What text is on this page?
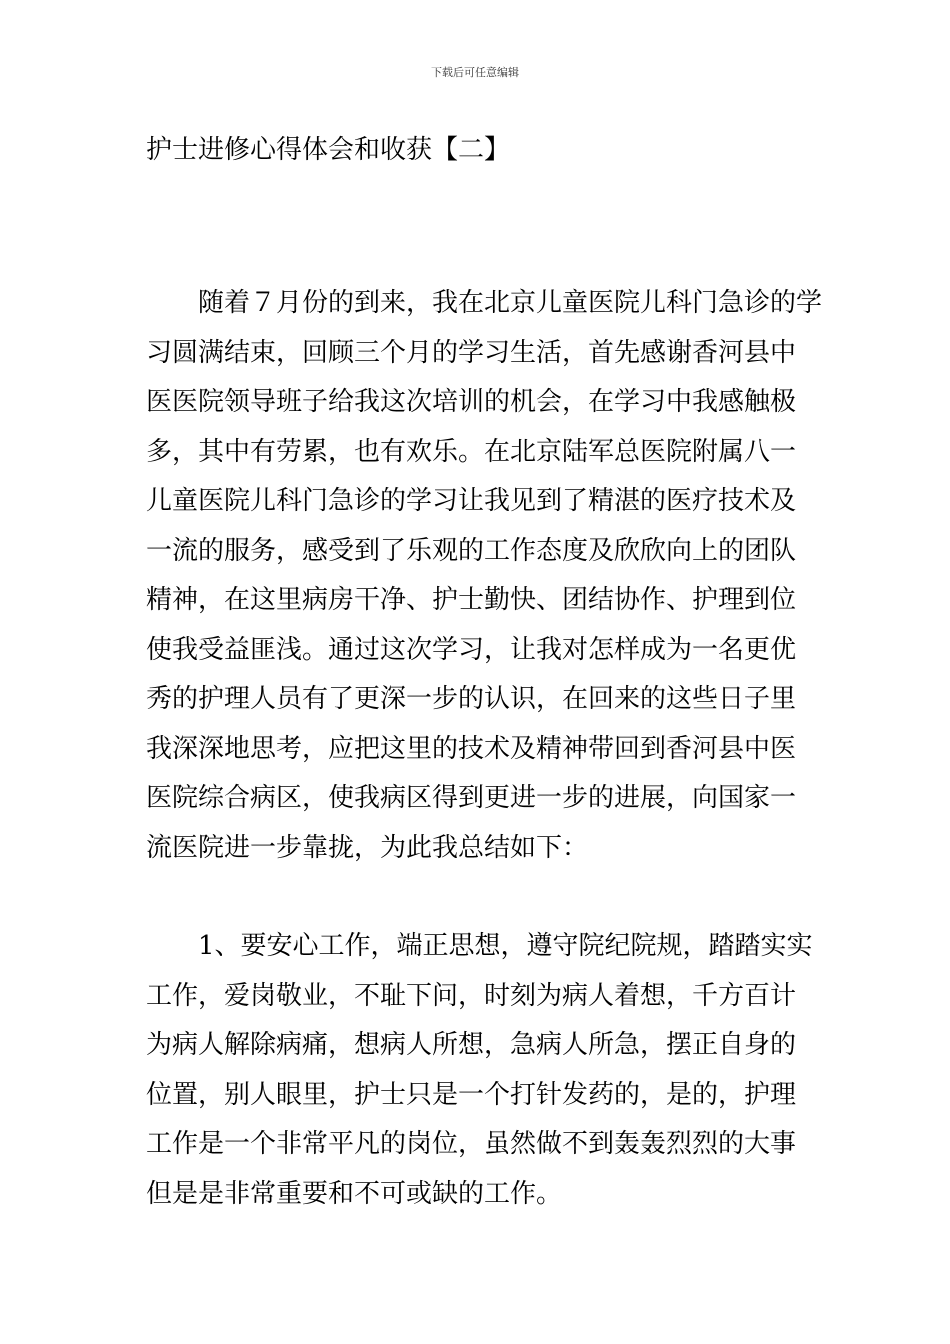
下载后可任意编辑
护士进修心得体会和收获【二】
　　随着７月份的到来，我在北京儿童医院儿科门急诊的学
习圆满结束，回顾三个月的学习生活，首先感谢香河县中
医医院领导班子给我这次培训的机会，在学习中我感触极
多，其中有劳累，也有欢乐。在北京陆军总医院附属八一
儿童医院儿科门急诊的学习让我见到了精湛的医疗技术及
一流的服务，感受到了乐观的工作态度及欣欣向上的团队
精神，在这里病房干净、护士勤快、团结协作、护理到位
使我受益匪浅。通过这次学习，让我对怎样成为一名更优
秀的护理人员有了更深一步的认识，在回来的这些日子里
我深深地思考，应把这里的技术及精神带回到香河县中医
医院综合病区，使我病区得到更进一步的进展，向国家一
流医院进一步靠拢，为此我总结如下：
　　1、要安心工作，端正思想，遵守院纪院规，踏踏实实
工作，爱岗敬业，不耻下问，时刻为病人着想，千方百计
为病人解除病痛，想病人所想，急病人所急，摆正自身的
位置，别人眼里，护士只是一个打针发药的，是的，护理
工作是一个非常平凡的岗位，虽然做不到轰轰烈烈的大事
但是是非常重要和不可或缺的工作。
